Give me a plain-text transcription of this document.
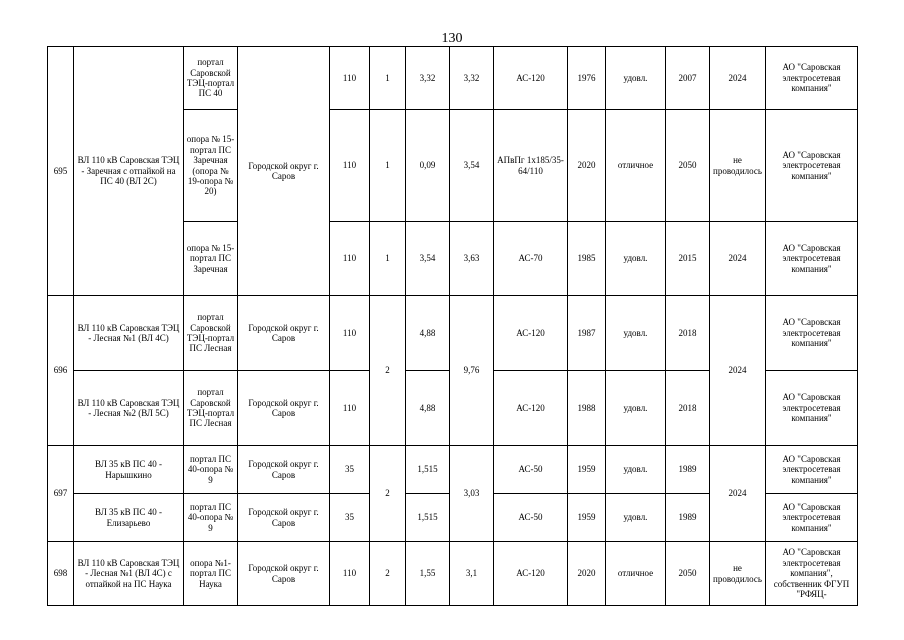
130
695	ВЛ 110 кВ Саровская ТЭЦ - Заречная с отпайкой на ПС 40 (ВЛ 2С)	портал Саровской ТЭЦ-портал ПС 40	Городской округ г. Саров	110	1	3,32	3,32	АС-120	1976	удовл.	2007	2024	АО "Саровская электросетевая компания"
		опора № 15-портал ПС Заречная (опора № 19-опора № 20)		110	1	0,09	3,54	АПвПг 1х185/35-64/110	2020	отличное	2050	не проводилось	АО "Саровская электросетевая компания"
		опора № 15-портал ПС Заречная		110	1	3,54	3,63	АС-70	1985	удовл.	2015	2024	АО "Саровская электросетевая компания"
696	ВЛ 110 кВ Саровская ТЭЦ - Лесная №1 (ВЛ 4С)	портал Саровской ТЭЦ-портал ПС Лесная	Городской округ г. Саров	110	2	4,88	9,76	АС-120	1987	удовл.	2018	2024	АО "Саровская электросетевая компания"
	ВЛ 110 кВ Саровская ТЭЦ - Лесная №2 (ВЛ 5С)	портал Саровской ТЭЦ-портал ПС Лесная	Городской округ г. Саров	110		4,88		АС-120	1988	удовл.	2018		АО "Саровская электросетевая компания"
697	ВЛ 35 кВ ПС 40 - Нарышкино	портал ПС 40-опора № 9	Городской округ г. Саров	35	2	1,515	3,03	АС-50	1959	удовл.	1989	2024	АО "Саровская электросетевая компания"
	ВЛ 35 кВ ПС 40 - Елизарьево	портал ПС 40-опора № 9	Городской округ г. Саров	35		1,515		АС-50	1959	удовл.	1989		АО "Саровская электросетевая компания"
698	ВЛ 110 кВ Саровская ТЭЦ - Лесная №1 (ВЛ 4С) с отпайкой на ПС Наука	опора №1-портал ПС Наука	Городской округ г. Саров	110	2	1,55	3,1	АС-120	2020	отличное	2050	не проводилось	АО "Саровская электросетевая компания", собственник ФГУП "РФЯЦ-
